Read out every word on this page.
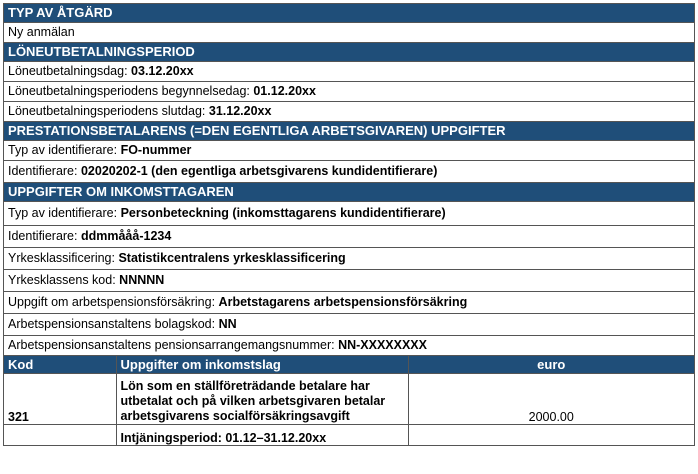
TYP AV ÅTGÄRD
Ny anmälan
LÖNEUTBETALNINGSPERIOD
Löneutbetalningsdag: 03.12.20xx
Löneutbetalningsperiodens begynnelsedag: 01.12.20xx
Löneutbetalningsperiodens slutdag: 31.12.20xx
PRESTATIONSBETALARENS (=DEN EGENTLIGA ARBETSGIVAREN) UPPGIFTER
Typ av identifierare: FO-nummer
Identifierare: 02020202-1 (den egentliga arbetsgivarens kundidentifierare)
UPPGIFTER OM INKOMSTTAGAREN
Typ av identifierare: Personbeteckning (inkomsttagarens kundidentifierare)
Identifierare: ddmmååå-1234
Yrkesklassificering: Statistikcentralens yrkesklassificering
Yrkesklassens kod: NNNNN
Uppgift om arbetspensionsförsäkring: Arbetstagarens arbetspensionsförsäkring
Arbetspensionsanstaltens bolagskod: NN
Arbetspensionsanstaltens pensionsarrangemangsnummer: NN-XXXXXXXX
Kod	Uppgifter om inkomstslag	euro
321	Lön som en ställföreträdande betalare har utbetalat och på vilken arbetsgivaren betalar arbetsgivarens socialförsäkringsavgift	2000.00
	Intjäningsperiod: 01.12–31.12.20xx	
